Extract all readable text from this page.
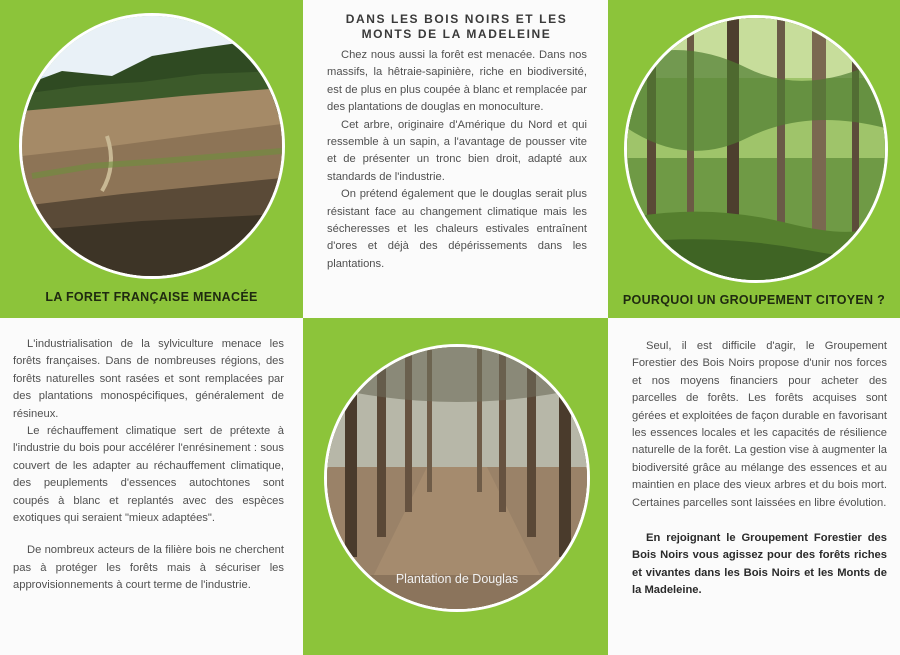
LA FORET FRANÇAISE MENACÉE
DANS LES BOIS NOIRS ET LES
MONTS DE LA MADELEINE

Chez nous aussi la forêt est menacée. Dans nos massifs, la hêtraie-sapinière, riche en biodiversité, est de plus en plus coupée à blanc et remplacée par des plantations de douglas en monoculture.

Cet arbre, originaire d'Amérique du Nord et qui ressemble à un sapin, a l'avantage de pousser vite et de présenter un tronc bien droit, adapté aux standards de l'industrie.

On prétend également que le douglas serait plus résistant face au changement climatique mais les sécheresses et les chaleurs estivales entraînent d'ores et déjà des dépérissements dans les plantations.

POURQUOI UN GROUPEMENT CITOYEN ?

L'industrialisation de la sylviculture menace les forêts françaises. Dans de nombreuses régions, des forêts naturelles sont rasées et sont remplacées par des plantations monospécifiques, généralement de résineux.

Le réchauffement climatique sert de prétexte à l'industrie du bois pour accélérer l'enrésinement : sous couvert de les adapter au réchauffement climatique, des peuplements d'essences autochtones sont coupés à blanc et replantés avec des espèces exotiques qui seraient "mieux adaptées".

De nombreux acteurs de la filière bois ne cherchent pas à protéger les forêts mais à sécuriser les approvisionnements à court terme de l'industrie.	Plantation de Douglas

Seul, il est difficile d'agir, le Groupement Forestier des Bois Noirs propose d'unir nos forces et nos moyens financiers pour acheter des parcelles de forêts. Les forêts acquises sont gérées et exploitées de façon durable en favorisant les essences locales et les capacités de résilience naturelle de la forêt. La gestion vise à augmenter la biodiversité grâce au mélange des essences et au maintien en place des vieux arbres et du bois mort. Certaines parcelles sont laissées en libre évolution.

En rejoignant le Groupement Forestier des Bois Noirs vous agissez pour des forêts riches et vivantes dans les Bois Noirs et les Monts de la Madeleine.
